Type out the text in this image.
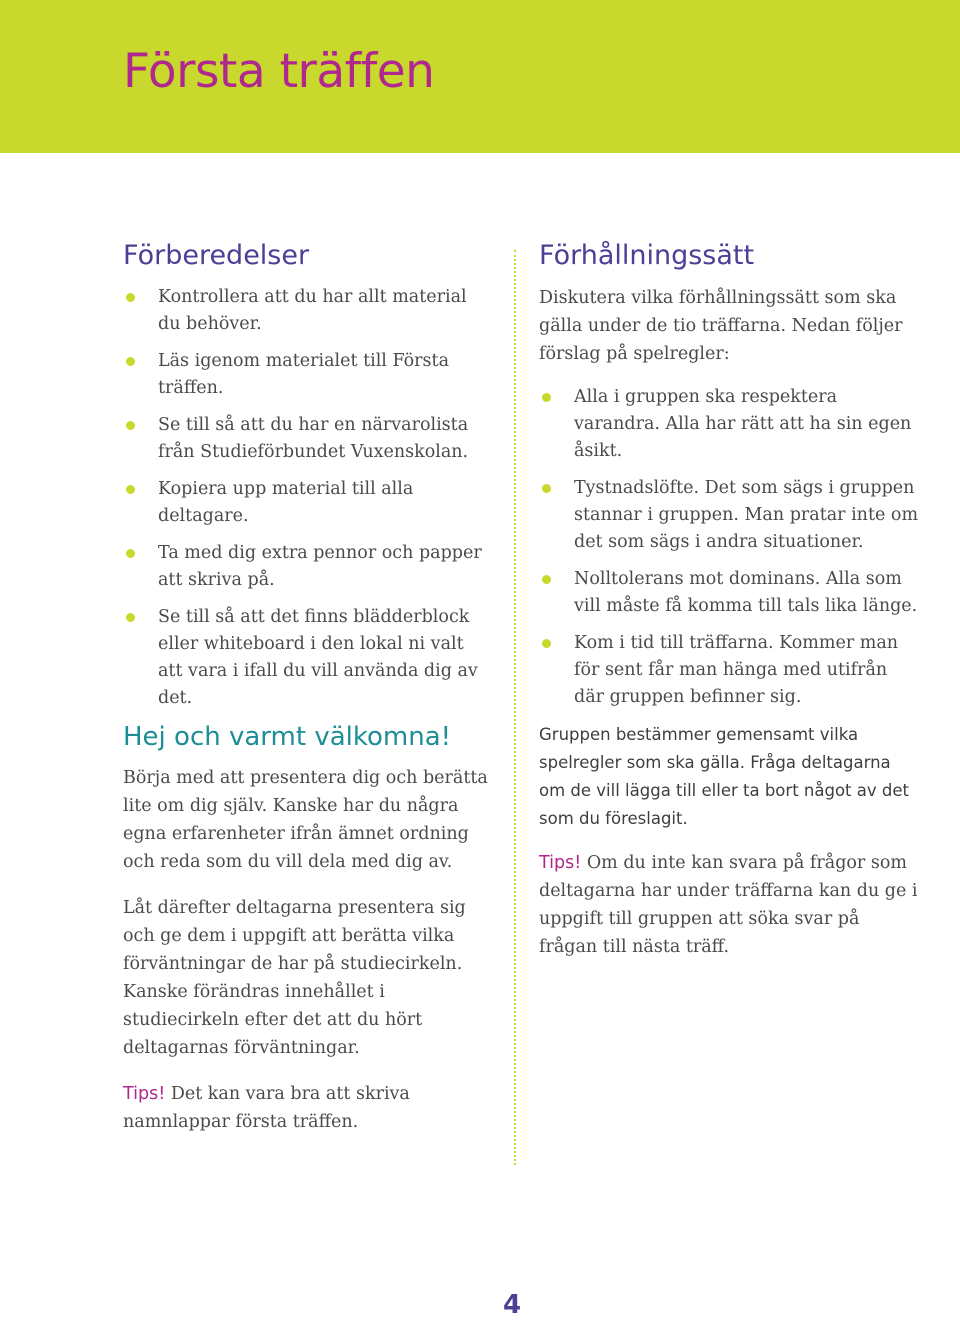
Första träffen
Förberedelser
Kontrollera att du har allt material du behöver.
Läs igenom materialet till Första träffen.
Se till så att du har en närvarolista från Studieförbundet Vuxenskolan.
Kopiera upp material till alla deltagare.
Ta med dig extra pennor och papper att skriva på.
Se till så att det finns blädderblock eller whiteboard i den lokal ni valt att vara i ifall du vill använda dig av det.
Hej och varmt välkomna!

Börja med att presentera dig och berätta lite om dig själv. Kanske har du några egna erfarenheter ifrån ämnet ordning och reda som du vill dela med dig av.

Låt därefter deltagarna presentera sig och ge dem i uppgift att berätta vilka förväntningar de har på studiecirkeln. Kanske förändras innehållet i studiecirkeln efter det att du hört deltagarnas förväntningar.

Tips! Det kan vara bra att skriva namnlappar första träffen.

Förhållningssätt

Diskutera vilka förhållningssätt som ska gälla under de tio träffarna. Nedan följer förslag på spelregler:

Alla i gruppen ska respektera varandra. Alla har rätt att ha sin egen åsikt.
Tystnadslöfte. Det som sägs i gruppen stannar i gruppen. Man pratar inte om det som sägs i andra situationer.
Nolltolerans mot dominans. Alla som vill måste få komma till tals lika länge.
Kom i tid till träffarna. Kommer man för sent får man hänga med utifrån där gruppen befinner sig.

Gruppen bestämmer gemensamt vilka spelregler som ska gälla. Fråga deltagarna om de vill lägga till eller ta bort något av det som du föreslagit.

Tips! Om du inte kan svara på frågor som deltagarna har under träffarna kan du ge i uppgift till gruppen att söka svar på frågan till nästa träff.

4
